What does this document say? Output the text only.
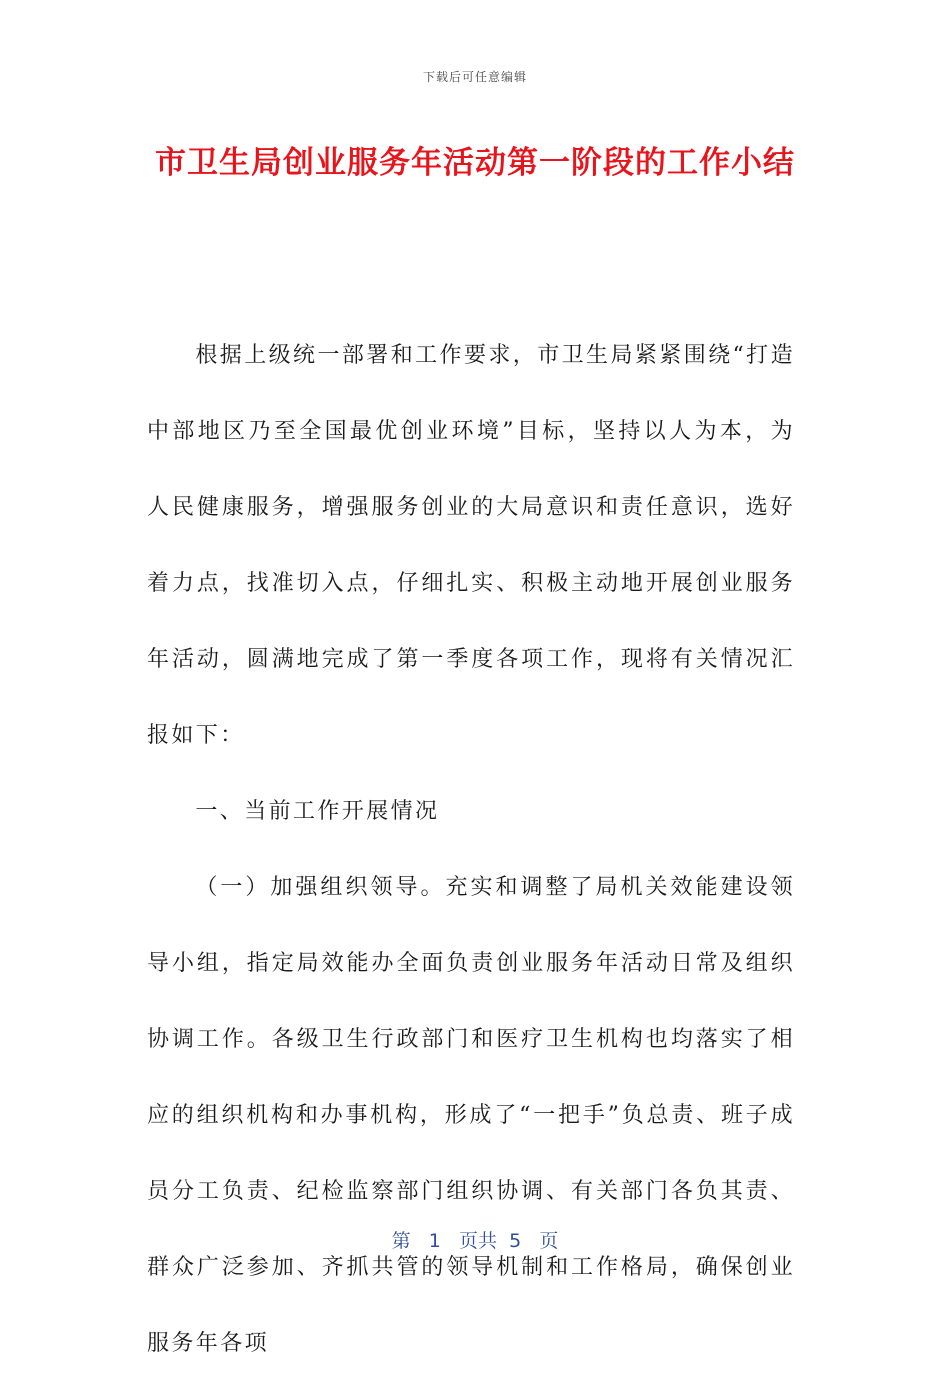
下载后可任意编辑
市卫生局创业服务年活动第一阶段的工作小结

根据上级统一部署和工作要求，市卫生局紧紧围绕“打造中部地区乃至全国最优创业环境”目标，坚持以人为本，为人民健康服务，增强服务创业的大局意识和责任意识，选好着力点，找准切入点，仔细扎实、积极主动地开展创业服务年活动，圆满地完成了第一季度各项工作，现将有关情况汇报如下：

一、当前工作开展情况

（一）加强组织领导。充实和调整了局机关效能建设领导小组，指定局效能办全面负责创业服务年活动日常及组织协调工作。各级卫生行政部门和医疗卫生机构也均落实了相应的组织机构和办事机构，形成了“一把手”负总责、班子成员分工负责、纪检监察部门组织协调、有关部门各负其责、群众广泛参加、齐抓共管的领导机制和工作格局，确保创业服务年各项

第 1 页共 5 页
